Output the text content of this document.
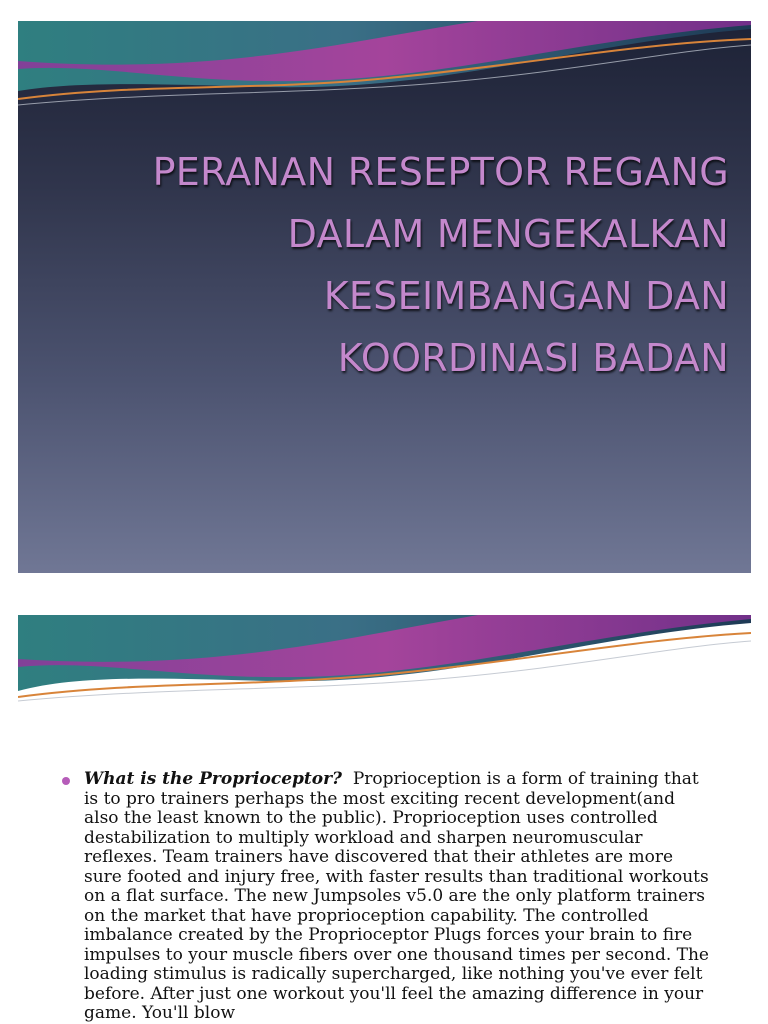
PERANAN RESEPTOR REGANG
DALAM MENGEKALKAN
KESEIMBANGAN DAN
KOORDINASI BADAN
What is the Proprioceptor? Proprioception is a form of training that is to pro trainers perhaps the most exciting recent development(and also the least known to the public). Proprioception uses controlled destabilization to multiply workload and sharpen neuromuscular reflexes. Team trainers have discovered that their athletes are more sure footed and injury free, with faster results than traditional workouts on a flat surface. The new Jumpsoles v5.0 are the only platform trainers on the market that have proprioception capability. The controlled imbalance created by the Proprioceptor Plugs forces your brain to fire impulses to your muscle fibers over one thousand times per second. The loading stimulus is radically supercharged, like nothing you've ever felt before. After just one workout you'll feel the amazing difference in your game. You'll blow
